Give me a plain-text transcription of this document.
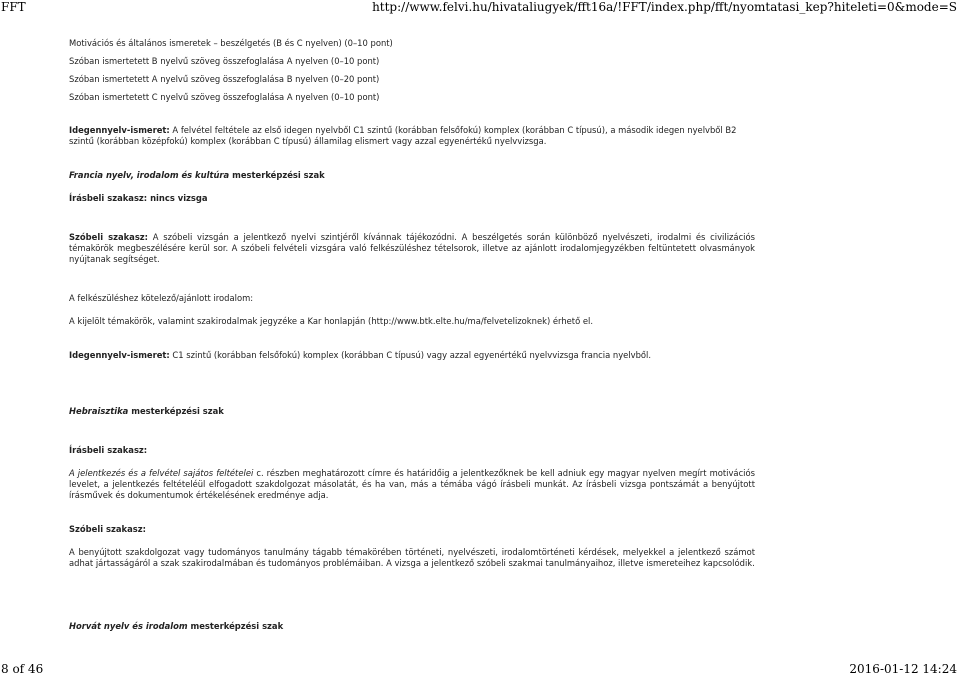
FFT	http://www.felvi.hu/hivataliugyek/fft16a/!FFT/index.php/fft/nyomtatasi_kep?hiteleti=0&mode=S

Motivációs és általános ismeretek – beszélgetés (B és C nyelven) (0–10 pont)

Szóban ismertetett B nyelvű szöveg összefoglalása A nyelven (0–10 pont)

Szóban ismertetett A nyelvű szöveg összefoglalása B nyelven (0–20 pont)

Szóban ismertetett C nyelvű szöveg összefoglalása A nyelven (0–10 pont)

Idegennyelv-ismeret: A felvétel feltétele az első idegen nyelvből C1 szintű (korábban felsőfokú) komplex (korábban C típusú), a második idegen nyelvből B2 szintű (korábban középfokú) komplex (korábban C típusú) államilag elismert vagy azzal egyenértékű nyelvvizsga.

Francia nyelv, irodalom és kultúra mesterképzési szak

Írásbeli szakasz: nincs vizsga

Szóbeli szakasz: A szóbeli vizsgán a jelentkező nyelvi szintjéről kívánnak tájékozódni. A beszélgetés során különböző nyelvészeti, irodalmi és civilizációs témakörök megbeszélésére kerül sor. A szóbeli felvételi vizsgára való felkészüléshez tételsorok, illetve az ajánlott irodalomjegyzékben feltüntetett olvasmányok nyújtanak segítséget.

A felkészüléshez kötelező/ajánlott irodalom:

A kijelölt témakörök, valamint szakirodalmak jegyzéke a Kar honlapján (http://www.btk.elte.hu/ma/felvetelizoknek) érhető el.

Idegennyelv-ismeret: C1 szintű (korábban felsőfokú) komplex (korábban C típusú) vagy azzal egyenértékű nyelvvizsga francia nyelvből.

Hebraisztika mesterképzési szak

Írásbeli szakasz:

A jelentkezés és a felvétel sajátos feltételei c. részben meghatározott címre és határidőig a jelentkezőknek be kell adniuk egy magyar nyelven megírt motivációs levelet, a jelentkezés feltételéül elfogadott szakdolgozat másolatát, és ha van, más a témába vágó írásbeli munkát. Az írásbeli vizsga pontszámát a benyújtott írásművek és dokumentumok értékelésének eredménye adja.

Szóbeli szakasz:

A benyújtott szakdolgozat vagy tudományos tanulmány tágabb témakörében történeti, nyelvészeti, irodalomtörténeti kérdések, melyekkel a jelentkező számot adhat jártasságáról a szak szakirodalmában és tudományos problémáiban. A vizsga a jelentkező szóbeli szakmai tanulmányaihoz, illetve ismereteihez kapcsolódik.

Horvát nyelv és irodalom mesterképzési szak

8 of 46	2016-01-12 14:24
